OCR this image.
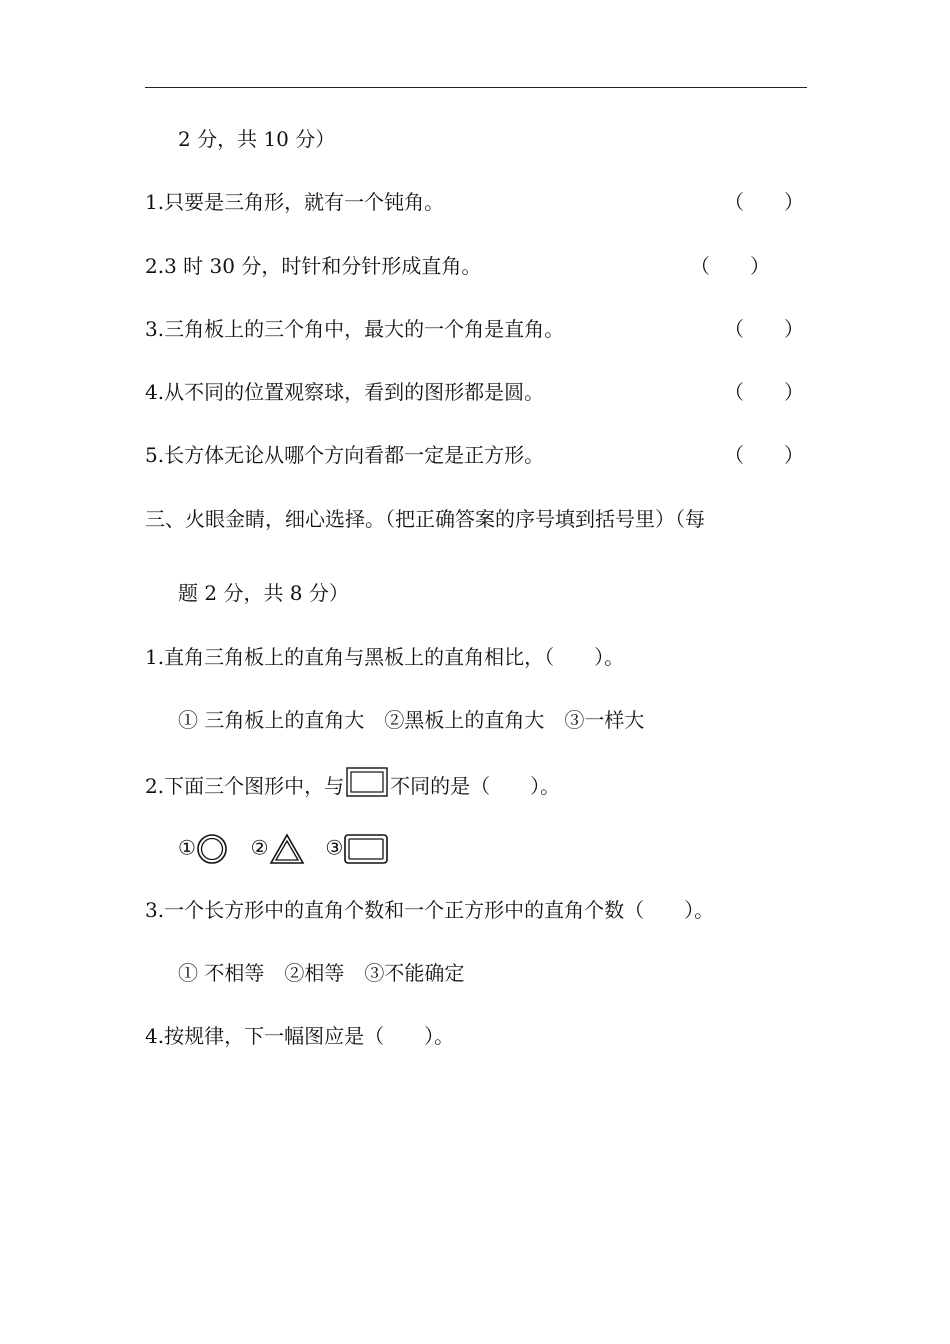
2 分，共 10 分）
1.只要是三角形，就有一个钝角。	（　　）
2.3 时 30 分，时针和分针形成直角。	（　　）
3.三角板上的三个角中，最大的一个角是直角。	（　　）
4.从不同的位置观察球，看到的图形都是圆。	（　　）
5.长方体无论从哪个方向看都一定是正方形。	（　　）
三、火眼金睛，细心选择。（把正确答案的序号填到括号里）（每
题 2 分，共 8 分）
1.直角三角板上的直角与黑板上的直角相比，（　　）。
① 三角板上的直角大　②黑板上的直角大　③一样大
2.下面三个图形中，与 不同的是（　　）。
①	②	③
3.一个长方形中的直角个数和一个正方形中的直角个数（　　）。
① 不相等　②相等　③不能确定
4.按规律，下一幅图应是（　　）。
